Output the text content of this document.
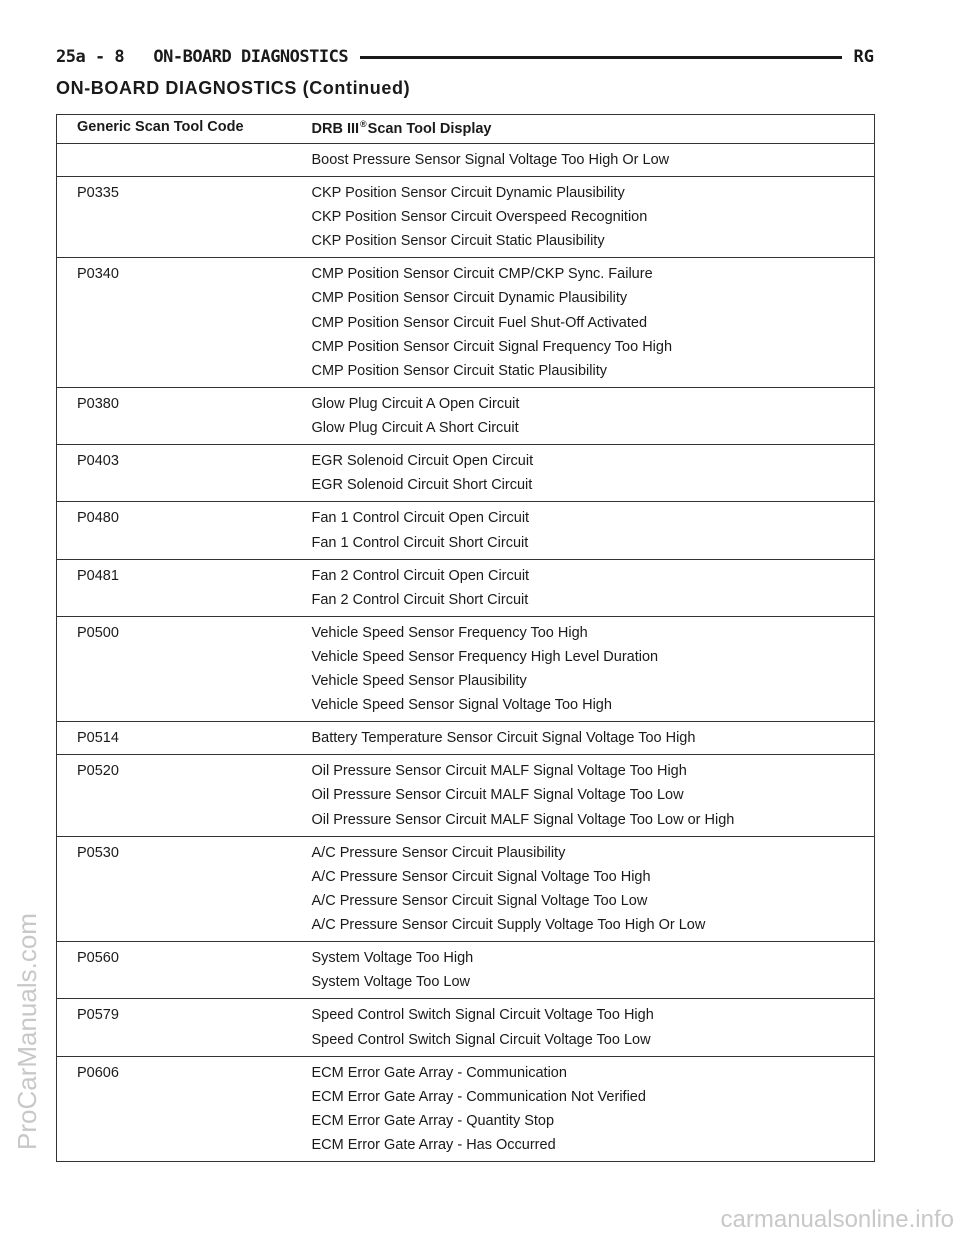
25a - 8 ON-BOARD DIAGNOSTICS	RG
ON-BOARD DIAGNOSTICS (Continued)
Generic Scan Tool Code	DRB III®Scan Tool Display

	Boost Pressure Sensor Signal Voltage Too High Or Low

P0335	CKP Position Sensor Circuit Dynamic Plausibility
CKP Position Sensor Circuit Overspeed Recognition
CKP Position Sensor Circuit Static Plausibility

P0340	CMP Position Sensor Circuit CMP/CKP Sync. Failure
CMP Position Sensor Circuit Dynamic Plausibility
CMP Position Sensor Circuit Fuel Shut-Off Activated
CMP Position Sensor Circuit Signal Frequency Too High
CMP Position Sensor Circuit Static Plausibility

P0380	Glow Plug Circuit A Open Circuit
Glow Plug Circuit A Short Circuit

P0403	EGR Solenoid Circuit Open Circuit
EGR Solenoid Circuit Short Circuit

P0480	Fan 1 Control Circuit Open Circuit
Fan 1 Control Circuit Short Circuit

P0481	Fan 2 Control Circuit Open Circuit
Fan 2 Control Circuit Short Circuit

P0500	Vehicle Speed Sensor Frequency Too High
Vehicle Speed Sensor Frequency High Level Duration
Vehicle Speed Sensor Plausibility
Vehicle Speed Sensor Signal Voltage Too High

P0514	Battery Temperature Sensor Circuit Signal Voltage Too High

P0520	Oil Pressure Sensor Circuit MALF Signal Voltage Too High
Oil Pressure Sensor Circuit MALF Signal Voltage Too Low
Oil Pressure Sensor Circuit MALF Signal Voltage Too Low or High

P0530	A/C Pressure Sensor Circuit Plausibility
A/C Pressure Sensor Circuit Signal Voltage Too High
A/C Pressure Sensor Circuit Signal Voltage Too Low
A/C Pressure Sensor Circuit Supply Voltage Too High Or Low

P0560	System Voltage Too High
System Voltage Too Low

P0579	Speed Control Switch Signal Circuit Voltage Too High
Speed Control Switch Signal Circuit Voltage Too Low

P0606	ECM Error Gate Array - Communication
ECM Error Gate Array - Communication Not Verified
ECM Error Gate Array - Quantity Stop
ECM Error Gate Array - Has Occurred
ProCarManuals.com
carmanualsonline.info
